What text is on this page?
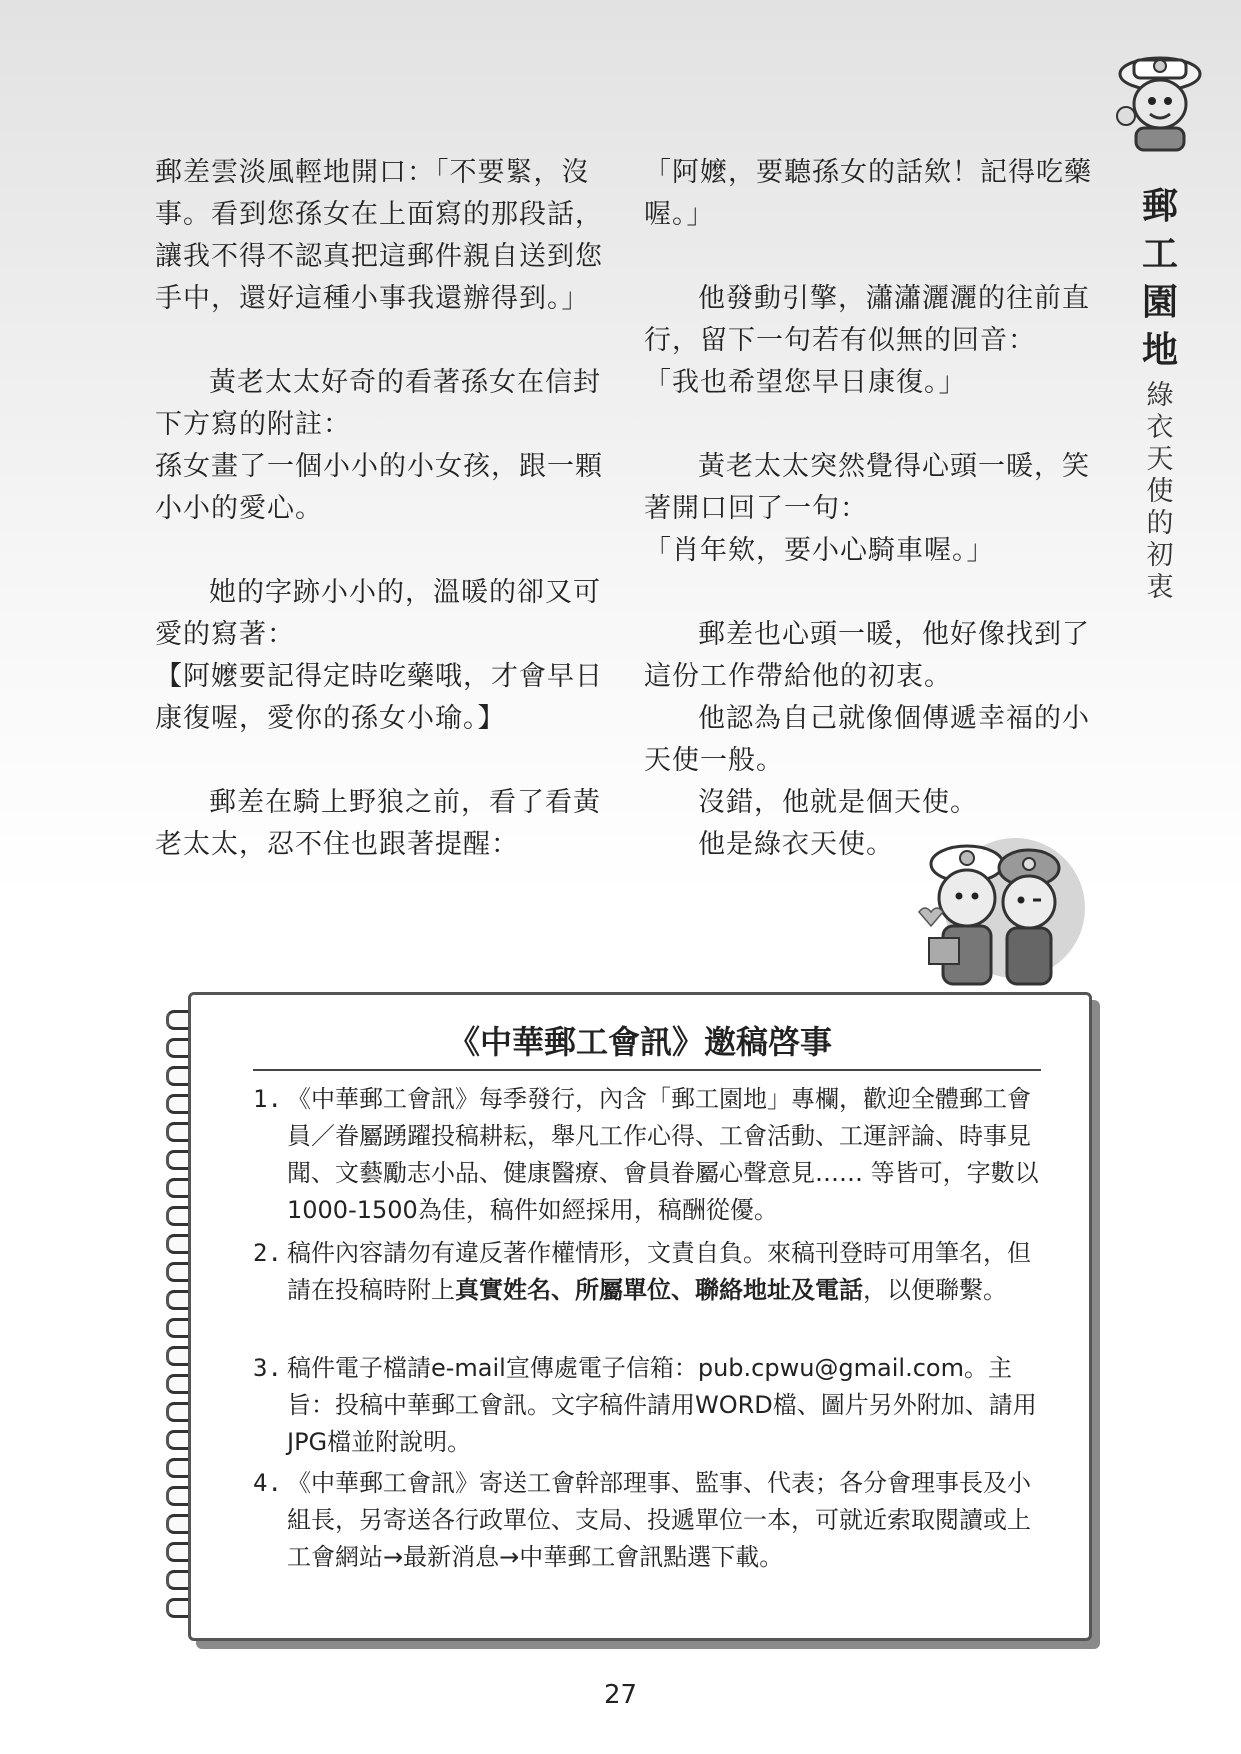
郵工園地
綠衣天使的初衷

郵差雲淡風輕地開口：「不要緊，沒事。看到您孫女在上面寫的那段話，讓我不得不認真把這郵件親自送到您手中，還好這種小事我還辦得到。」

黃老太太好奇的看著孫女在信封下方寫的附註：

孫女畫了一個小小的小女孩，跟一顆小小的愛心。

她的字跡小小的，溫暖的卻又可愛的寫著：

【阿嬤要記得定時吃藥哦，才會早日康復喔，愛你的孫女小瑜。】

郵差在騎上野狼之前，看了看黃老太太，忍不住也跟著提醒：

「阿嬤，要聽孫女的話欸！記得吃藥喔。」

他發動引擎，瀟瀟灑灑的往前直行，留下一句若有似無的回音：

「我也希望您早日康復。」

黃老太太突然覺得心頭一暖，笑著開口回了一句：

「肖年欸，要小心騎車喔。」

郵差也心頭一暖，他好像找到了這份工作帶給他的初衷。

他認為自己就像個傳遞幸福的小天使一般。

沒錯，他就是個天使。

他是綠衣天使。

《中華郵工會訊》邀稿啓事
1. 《中華郵工會訊》每季發行，內含「郵工園地」專欄，歡迎全體郵工會員／眷屬踴躍投稿耕耘，舉凡工作心得、工會活動、工運評論、時事見聞、文藝勵志小品、健康醫療、會員眷屬心聲意見…… 等皆可，字數以1000-1500為佳，稿件如經採用，稿酬從優。
2. 稿件內容請勿有違反著作權情形，文責自負。來稿刊登時可用筆名，但請在投稿時附上真實姓名、所屬單位、聯絡地址及電話，以便聯繫。
3. 稿件電子檔請e-mail宣傳處電子信箱：pub.cpwu@gmail.com。主旨：投稿中華郵工會訊。文字稿件請用WORD檔、圖片另外附加、請用JPG檔並附說明。
4. 《中華郵工會訊》寄送工會幹部理事、監事、代表；各分會理事長及小組長，另寄送各行政單位、支局、投遞單位一本，可就近索取閱讀或上工會網站→最新消息→中華郵工會訊點選下載。
27
